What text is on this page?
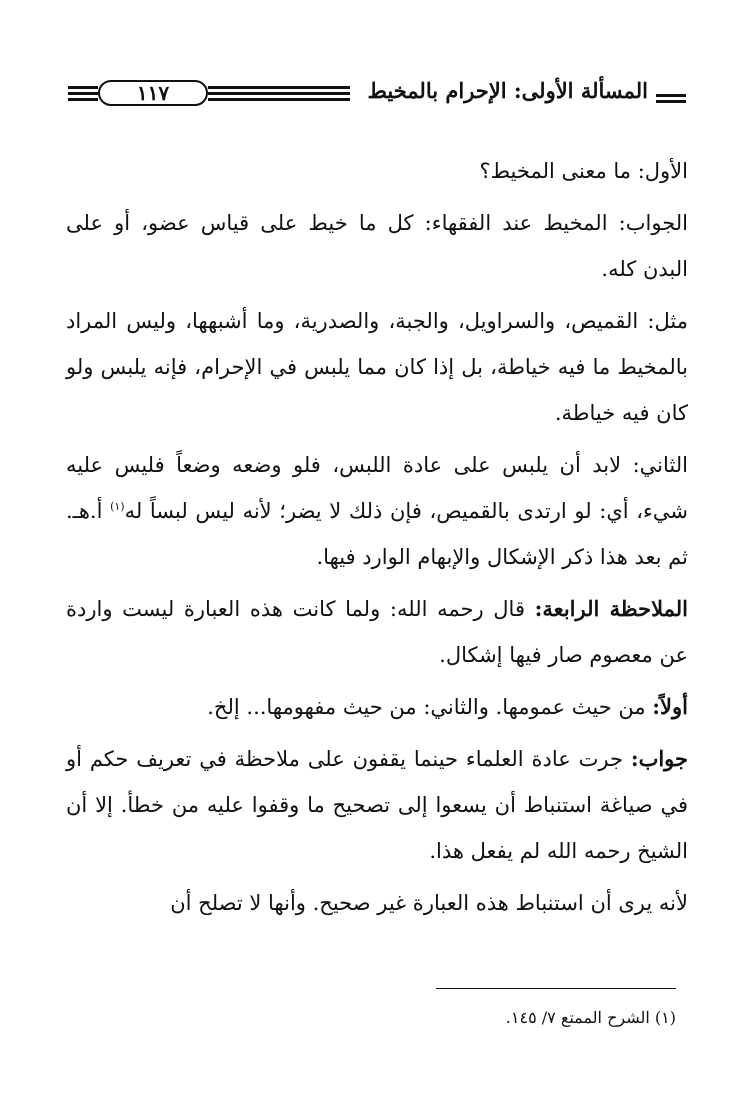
١١٧	المسألة الأولى: الإحرام بالمخيط

الأول: ما معنى المخيط؟

الجواب: المخيط عند الفقهاء: كل ما خيط على قياس عضو، أو على البدن كله.

مثل: القميص، والسراويل، والجبة، والصدرية، وما أشبهها، وليس المراد بالمخيط ما فيه خياطة، بل إذا كان مما يلبس في الإحرام، فإنه يلبس ولو كان فيه خياطة.

الثاني: لابد أن يلبس على عادة اللبس، فلو وضعه وضعاً فليس عليه شيء، أي: لو ارتدى بالقميص، فإن ذلك لا يضر؛ لأنه ليس لبساً له$^{(١)}$ أ.هـ. ثم بعد هذا ذكر الإشكال والإبهام الوارد فيها.

الملاحظة الرابعة: قال رحمه الله: ولما كانت هذه العبارة ليست واردة عن معصوم صار فيها إشكال.

أولاً: من حيث عمومها. والثاني: من حيث مفهومها... إلخ.

جواب: جرت عادة العلماء حينما يقفون على ملاحظة في تعريف حكم أو في صياغة استنباط أن يسعوا إلى تصحيح ما وقفوا عليه من خطأ. إلا أن الشيخ رحمه الله لم يفعل هذا.

لأنه يرى أن استنباط هذه العبارة غير صحيح. وأنها لا تصلح أن

(١) الشرح الممتع ٧/ ١٤٥.
